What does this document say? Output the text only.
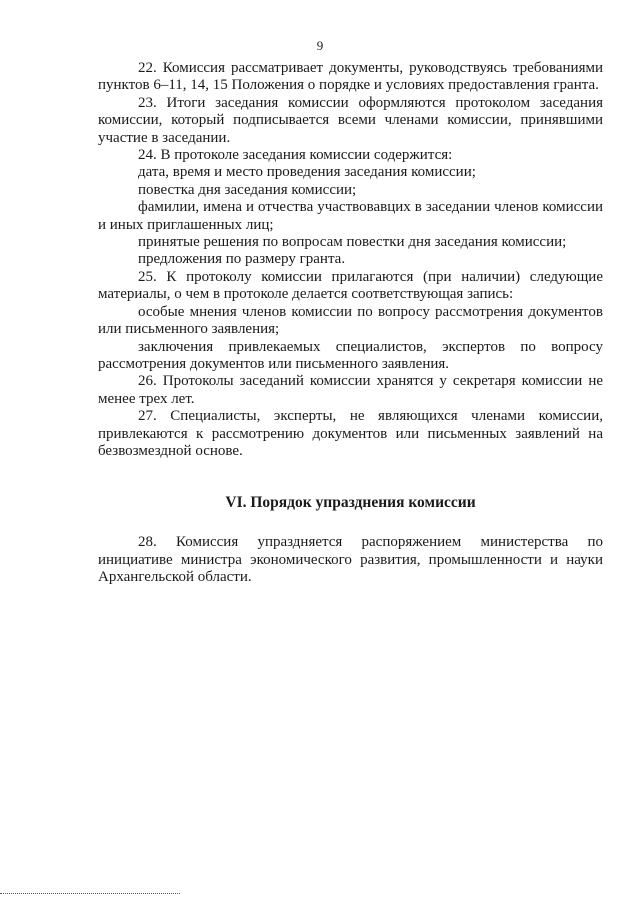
9

22. Комиссия рассматривает документы, руководствуясь требованиями пунктов 6–11, 14, 15 Положения о порядке и условиях предоставления гранта.

23. Итоги заседания комиссии оформляются протоколом заседания комиссии, который подписывается всеми членами комиссии, принявшими участие в заседании.

24. В протоколе заседания комиссии содержится:

дата, время и место проведения заседания комиссии;

повестка дня заседания комиссии;

фамилии, имена и отчества участвовавцих в заседании членов комиссии и иных приглашенных лиц;

принятые решения по вопросам повестки дня заседания комиссии;

предложения по размеру гранта.

25. К протоколу комиссии прилагаются (при наличии) следующие материалы, о чем в протоколе делается соответствующая запись:

особые мнения членов комиссии по вопросу рассмотрения документов или письменного заявления;

заключения привлекаемых специалистов, экспертов по вопросу рассмотрения документов или письменного заявления.

26. Протоколы заседаний комиссии хранятся у секретаря комиссии не менее трех лет.

27. Специалисты, эксперты, не являющихся членами комиссии, привлекаются к рассмотрению документов или письменных заявлений на безвозмездной основе.

VI. Порядок упразднения комиссии

28. Комиссия упраздняется распоряжением министерства по инициативе министра экономического развития, промышленности и науки Архангельской области.
